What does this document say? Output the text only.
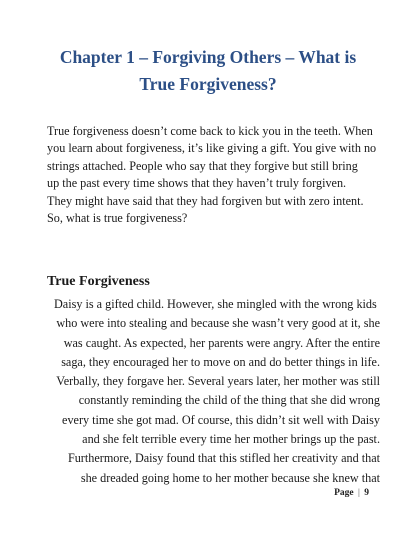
Chapter 1 – Forgiving Others – What is
True Forgiveness?

True forgiveness doesn’t come back to kick you in the teeth. When
you learn about forgiveness, it’s like giving a gift. You give with no
strings attached. People who say that they forgive but still bring
up the past every time shows that they haven’t truly forgiven.
They might have said that they had forgiven but with zero intent.
So, what is true forgiveness?

True Forgiveness

Daisy is a gifted child. However, she mingled with the wrong kids
who were into stealing and because she wasn’t very good at it, she
was caught. As expected, her parents were angry. After the entire
saga, they encouraged her to move on and do better things in life.
Verbally, they forgave her. Several years later, her mother was still
constantly reminding the child of the thing that she did wrong
every time she got mad. Of course, this didn’t sit well with Daisy
and she felt terrible every time her mother brings up the past.
Furthermore, Daisy found that this stifled her creativity and that
she dreaded going home to her mother because she knew that

Page | 9
